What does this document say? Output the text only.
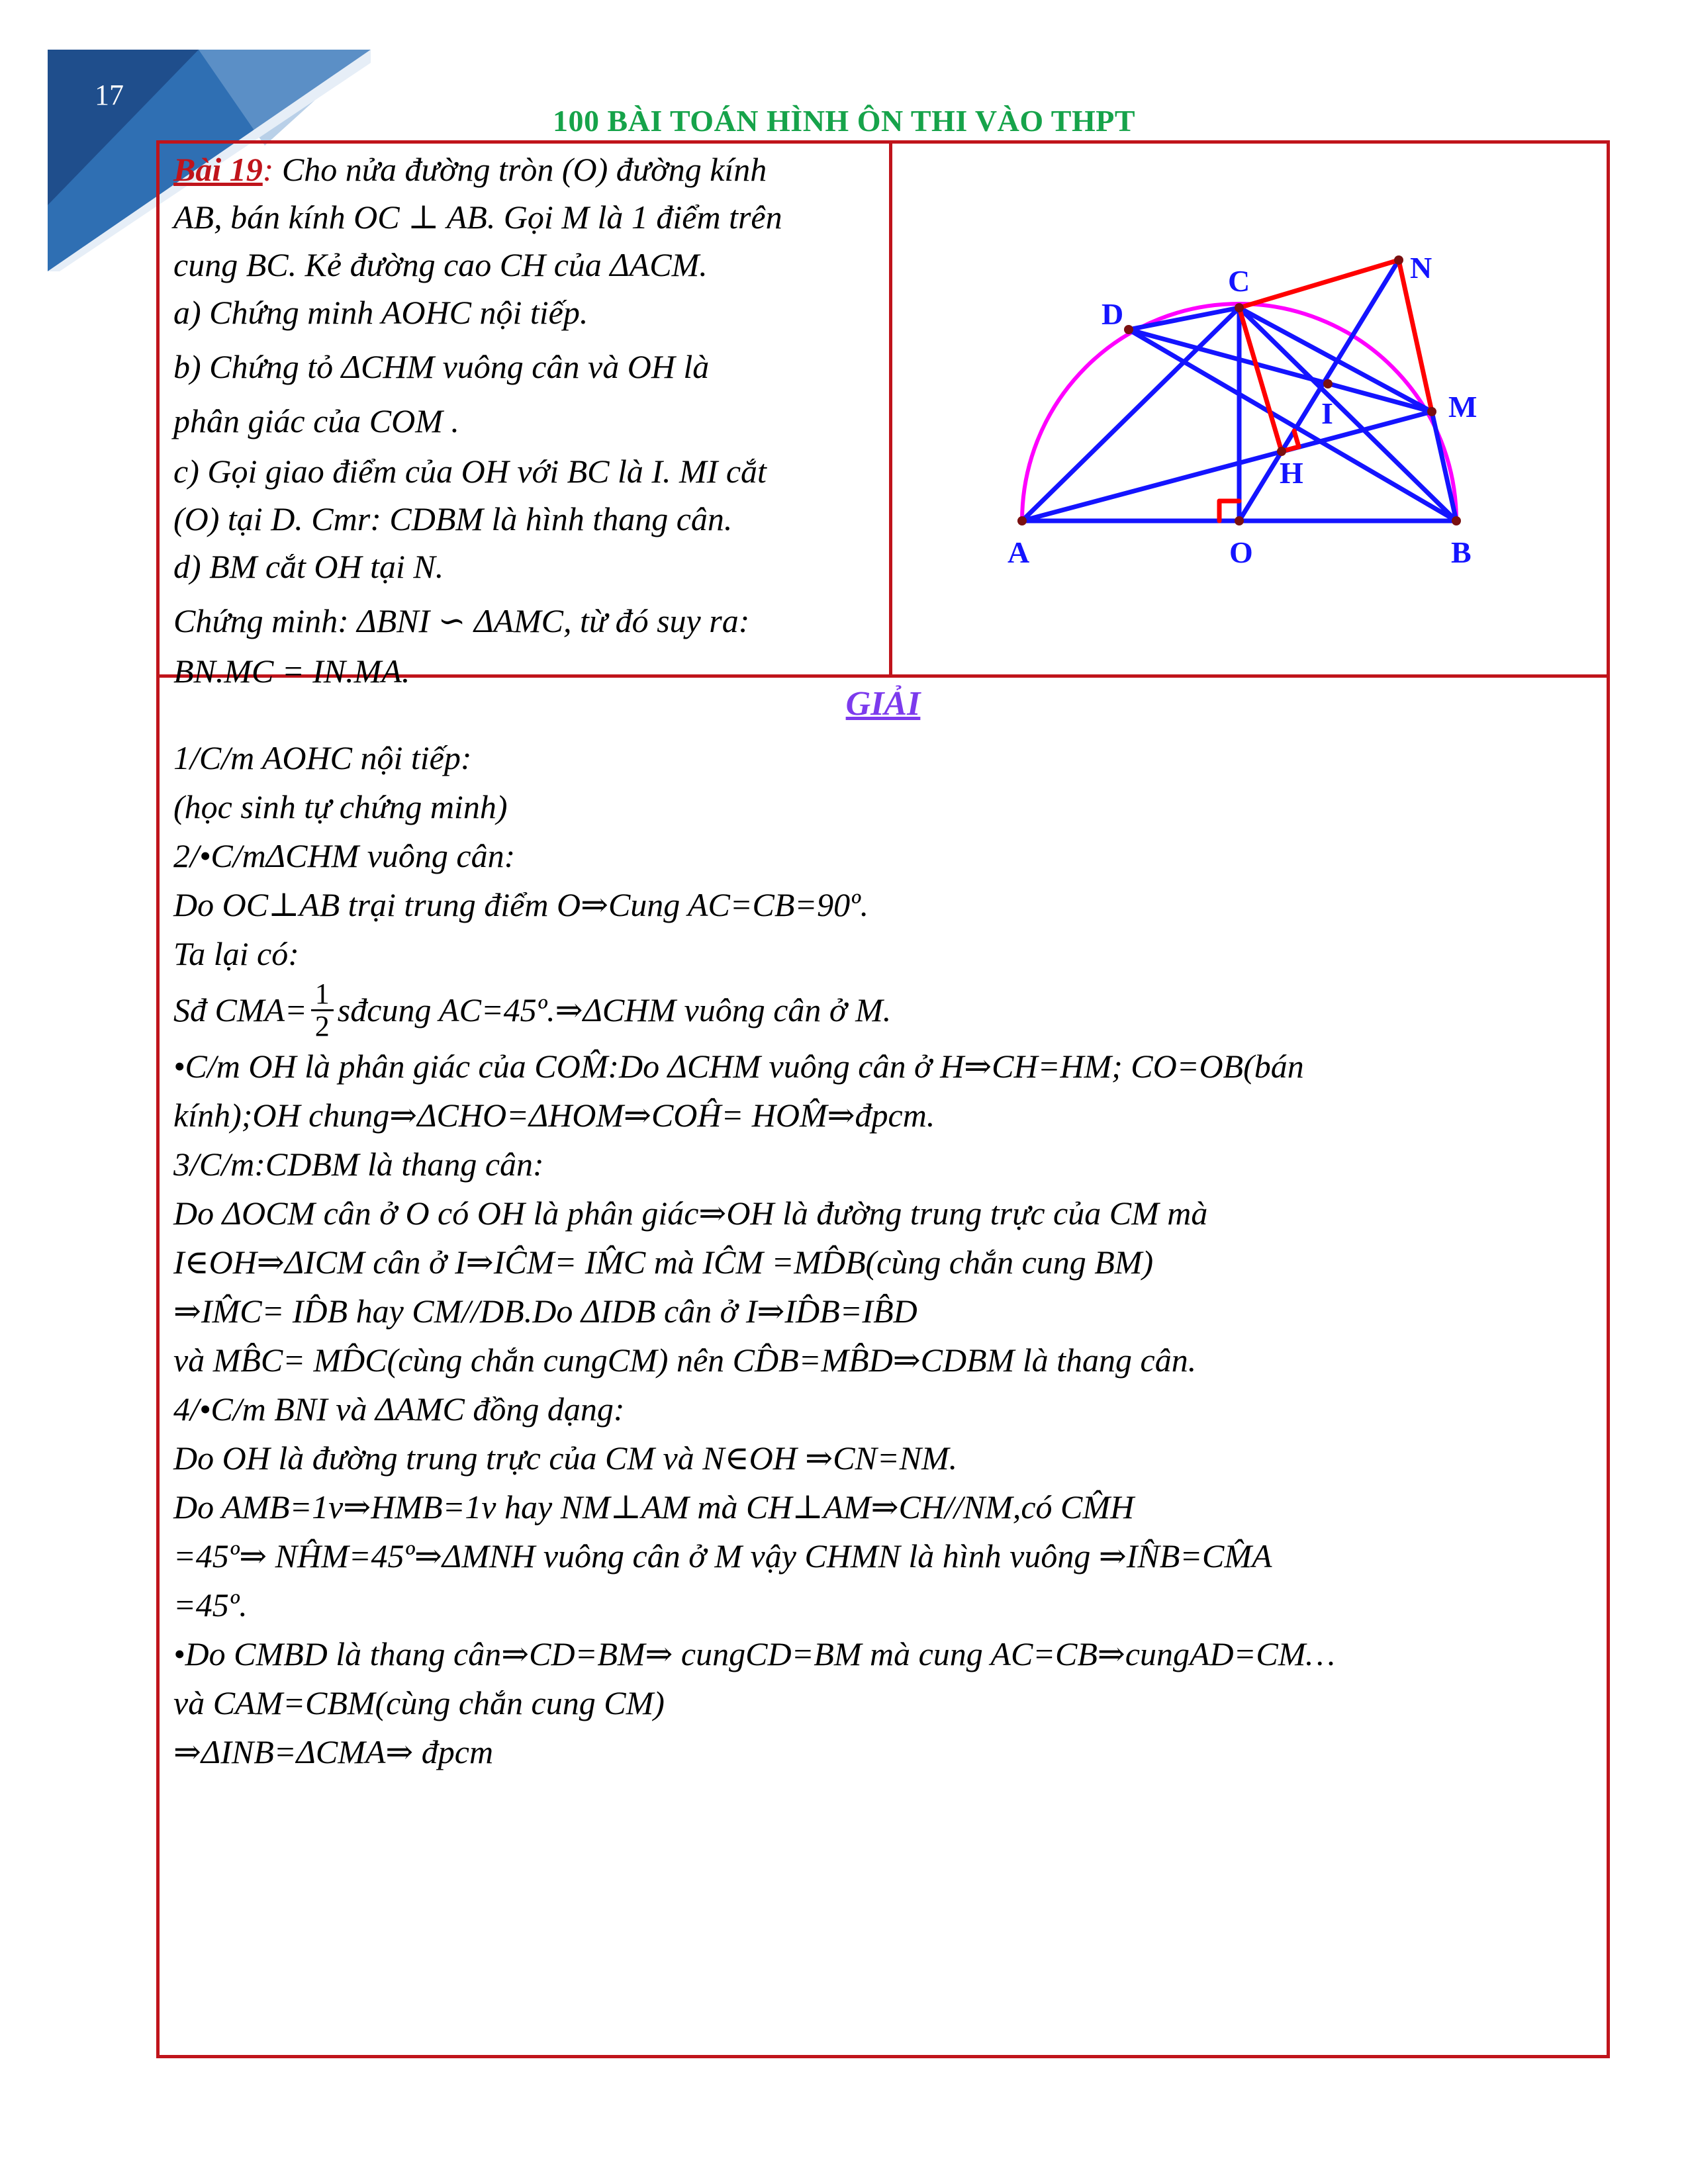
17
100 BÀI TOÁN HÌNH ÔN THI VÀO THPT
Bài 19: Cho nửa đường tròn (O) đường kính
AB, bán kính OC ⊥ AB. Gọi M là 1 điểm trên
cung BC. Kẻ đường cao CH của ΔACM.
a) Chứng minh AOHC nội tiếp.
b) Chứng tỏ ΔCHM vuông cân và OH là
phân giác của COM .
c) Gọi giao điểm của OH với BC là I. MI cắt
(O) tại D. Cmr: CDBM là hình thang cân.
d) BM cắt OH tại N.
Chứng minh: ΔBNI ∽ ΔAMC, từ đó suy ra:
BN.MC = IN.MA.
A	O	B
C
D
M
N
I
H
GIẢI
1/C/m AOHC nội tiếp:
(học sinh tự chứng minh)
2/•C/mΔCHM vuông cân:
Do OC⊥AB trại trung điểm O⇒Cung AC=CB=90º.
Ta lại có:
Sđ $CMA= \frac{1}{2}$ sđcung AC=45º.⇒ΔCHM vuông cân ở M.
•C/m OH là phân giác của COM̂:Do ΔCHM vuông cân ở H⇒CH=HM; CO=OB(bán
kính);OH chung⇒ΔCHO=ΔHOM⇒COĤ= HOM̂⇒đpcm.
3/C/m:CDBM là thang cân:
Do ΔOCM cân ở O có OH là phân giác⇒OH là đường trung trực của CM mà
I∈OH⇒ΔICM cân ở I⇒IĈM= IM̂C mà IĈM =MD̂B(cùng chắn cung BM)
⇒IM̂C= ID̂B hay CM//DB.Do ΔIDB cân ở I⇒ID̂B=IB̂D
và MB̂C= MD̂C(cùng chắn cungCM) nên CD̂B=MB̂D⇒CDBM là thang cân.
4/•C/m BNI và ΔAMC đồng dạng:
Do OH là đường trung trực của CM và N∈OH ⇒CN=NM.
Do AMB=1v⇒HMB=1v hay NM⊥AM mà CH⊥AM⇒CH//NM,có CM̂H
=45º⇒ NĤM=45º⇒ΔMNH vuông cân ở M vậy CHMN là hình vuông ⇒IN̂B=CM̂A
=45º.
•Do CMBD là thang cân⇒CD=BM⇒ cungCD=BM mà cung AC=CB⇒cungAD=CM…
và CAM=CBM(cùng chắn cung CM)
⇒ΔINB=ΔCMA⇒ đpcm
